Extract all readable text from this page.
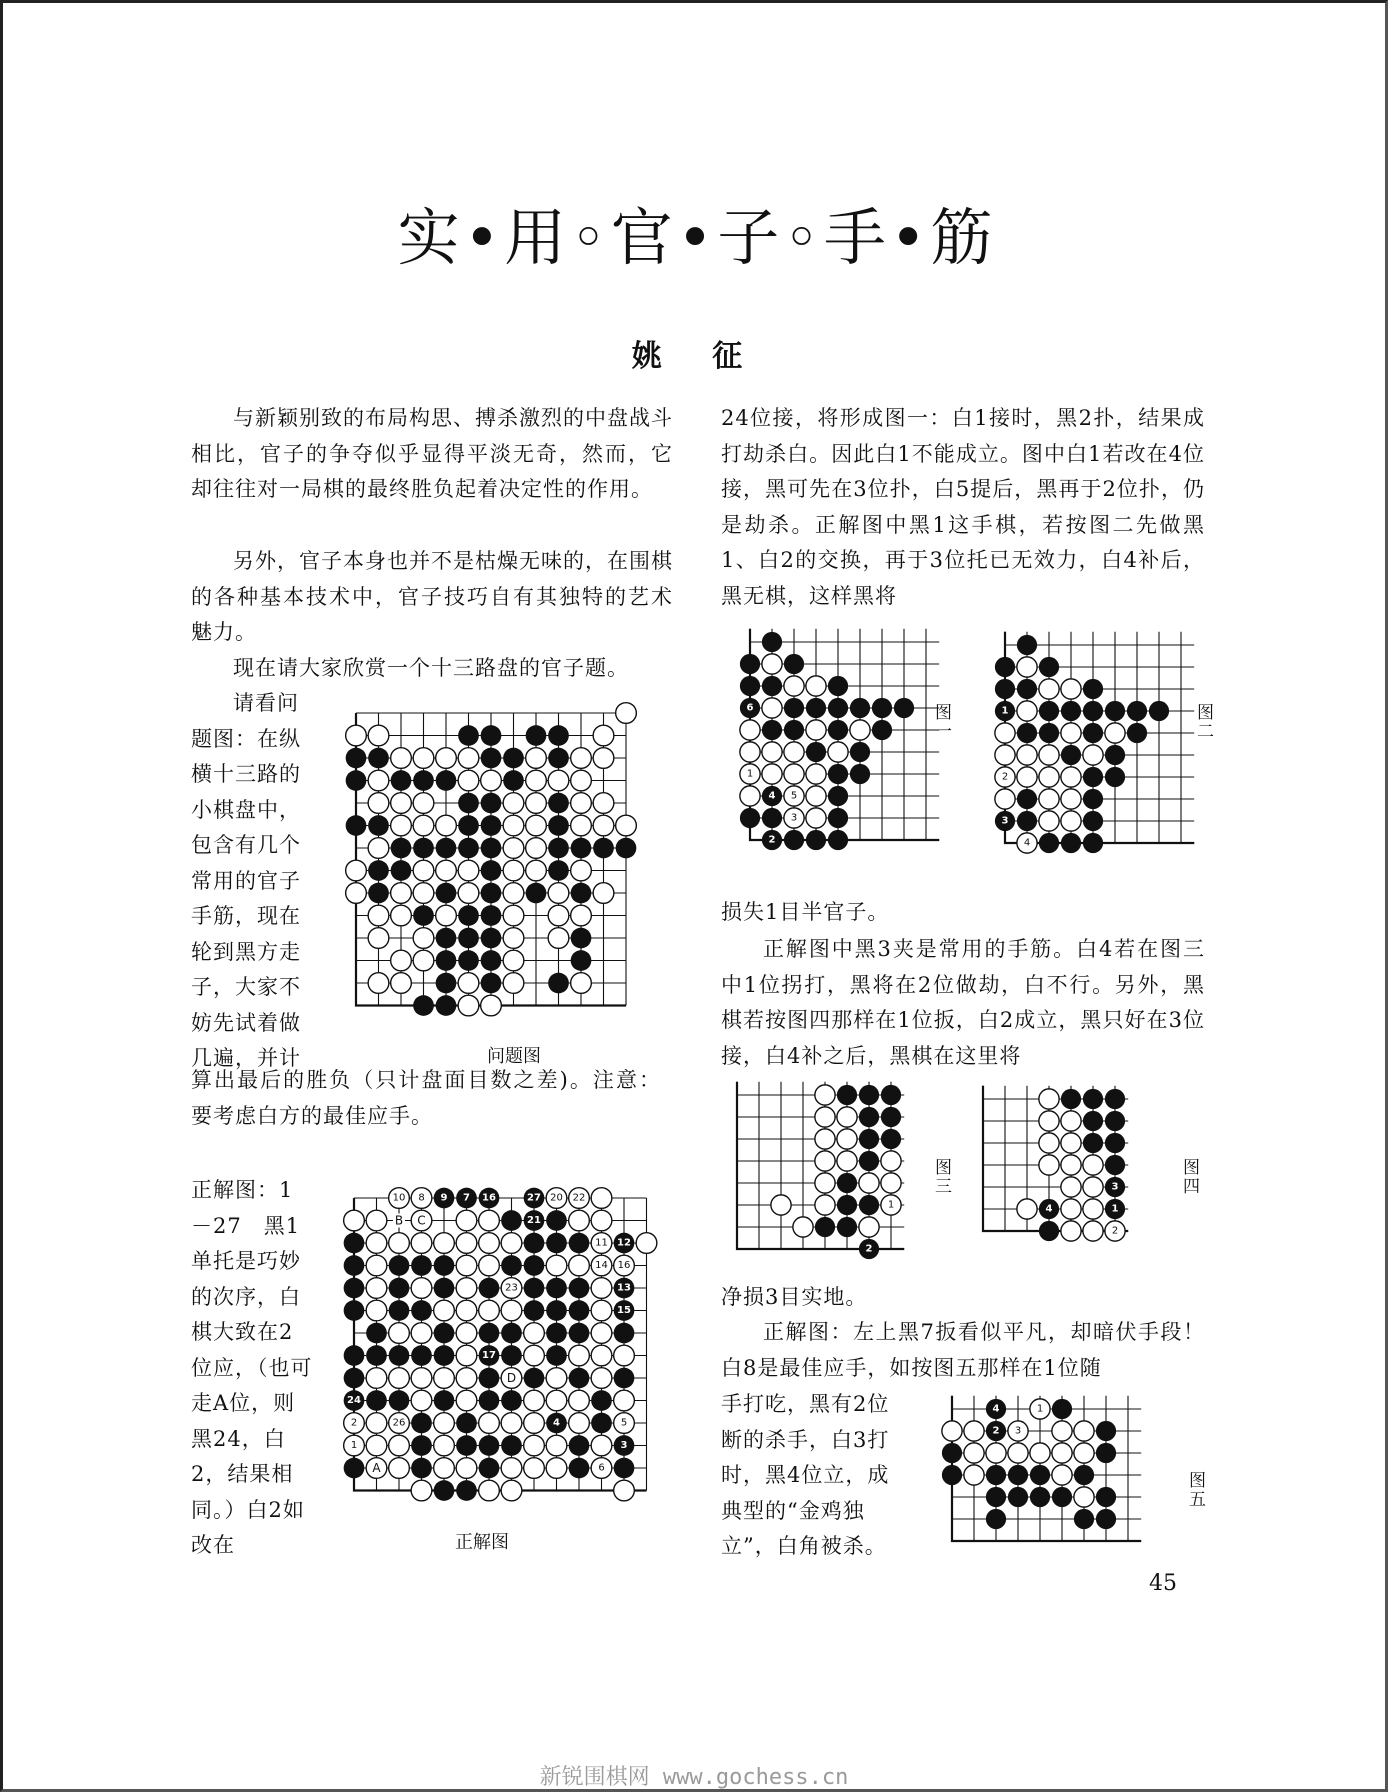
实•用◦官•子◦手•筋
姚 征
与新颖别致的布局构思、搏杀激烈的中盘战斗相比，官子的争夺似乎显得平淡无奇，然而，它却往往对一局棋的最终胜负起着决定性的作用。
另外，官子本身也并不是枯燥无味的，在围棋的各种基本技术中，官子技巧自有其独特的艺术魅力。
现在请大家欣赏一个十三路盘的官子题。
请看问题图：在纵横十三路的小棋盘中，包含有几个常用的官子手筋，现在轮到黑方走子，大家不妨先试着做几遍，并计
算出最后的胜负（只计盘面目数之差)。注意：要考虑白方的最佳应手。
正解图：1－27　黑1单托是巧妙的次序，白棋大致在2位应，（也可走A位，则黑24，白2，结果相同。）白2如改在
24位接，将形成图一：白1接时，黑2扑，结果成打劫杀白。因此白1不能成立。图中白1若改在4位接，黑可先在3位扑，白5提后，黑再于2位扑，仍是劫杀。正解图中黑1这手棋，若按图二先做黑1、白2的交换，再于3位托已无效力，白4补后，黑无棋，这样黑将
损失1目半官子。
正解图中黑3夹是常用的手筋。白4若在图三中1位拐打，黑将在2位做劫，白不行。另外，黑棋若按图四那样在1位扳，白2成立，黑只好在3位接，白4补之后，黑棋在这里将
净损3目实地。
正解图：左上黑7扳看似平凡，却暗伏手段！白8是最佳应手，如按图五那样在1位随
手打吃，黑有2位断的杀手，白3打时，黑4位立，成典型的“金鸡独立”，白角被杀。
问题图
10 8 9 7 16	27 20 22
21
11 12
14 16
23	13
15
17
24
2	26	4	5
1	3
6
B C
D
A
正解图
6
1
4 5
3
2
图一	1
2
3
4
图二
1
2
图三	3
4	1
2
图四
4	1
2 3
图五
45
新锐围棋网 www.gochess.cn
